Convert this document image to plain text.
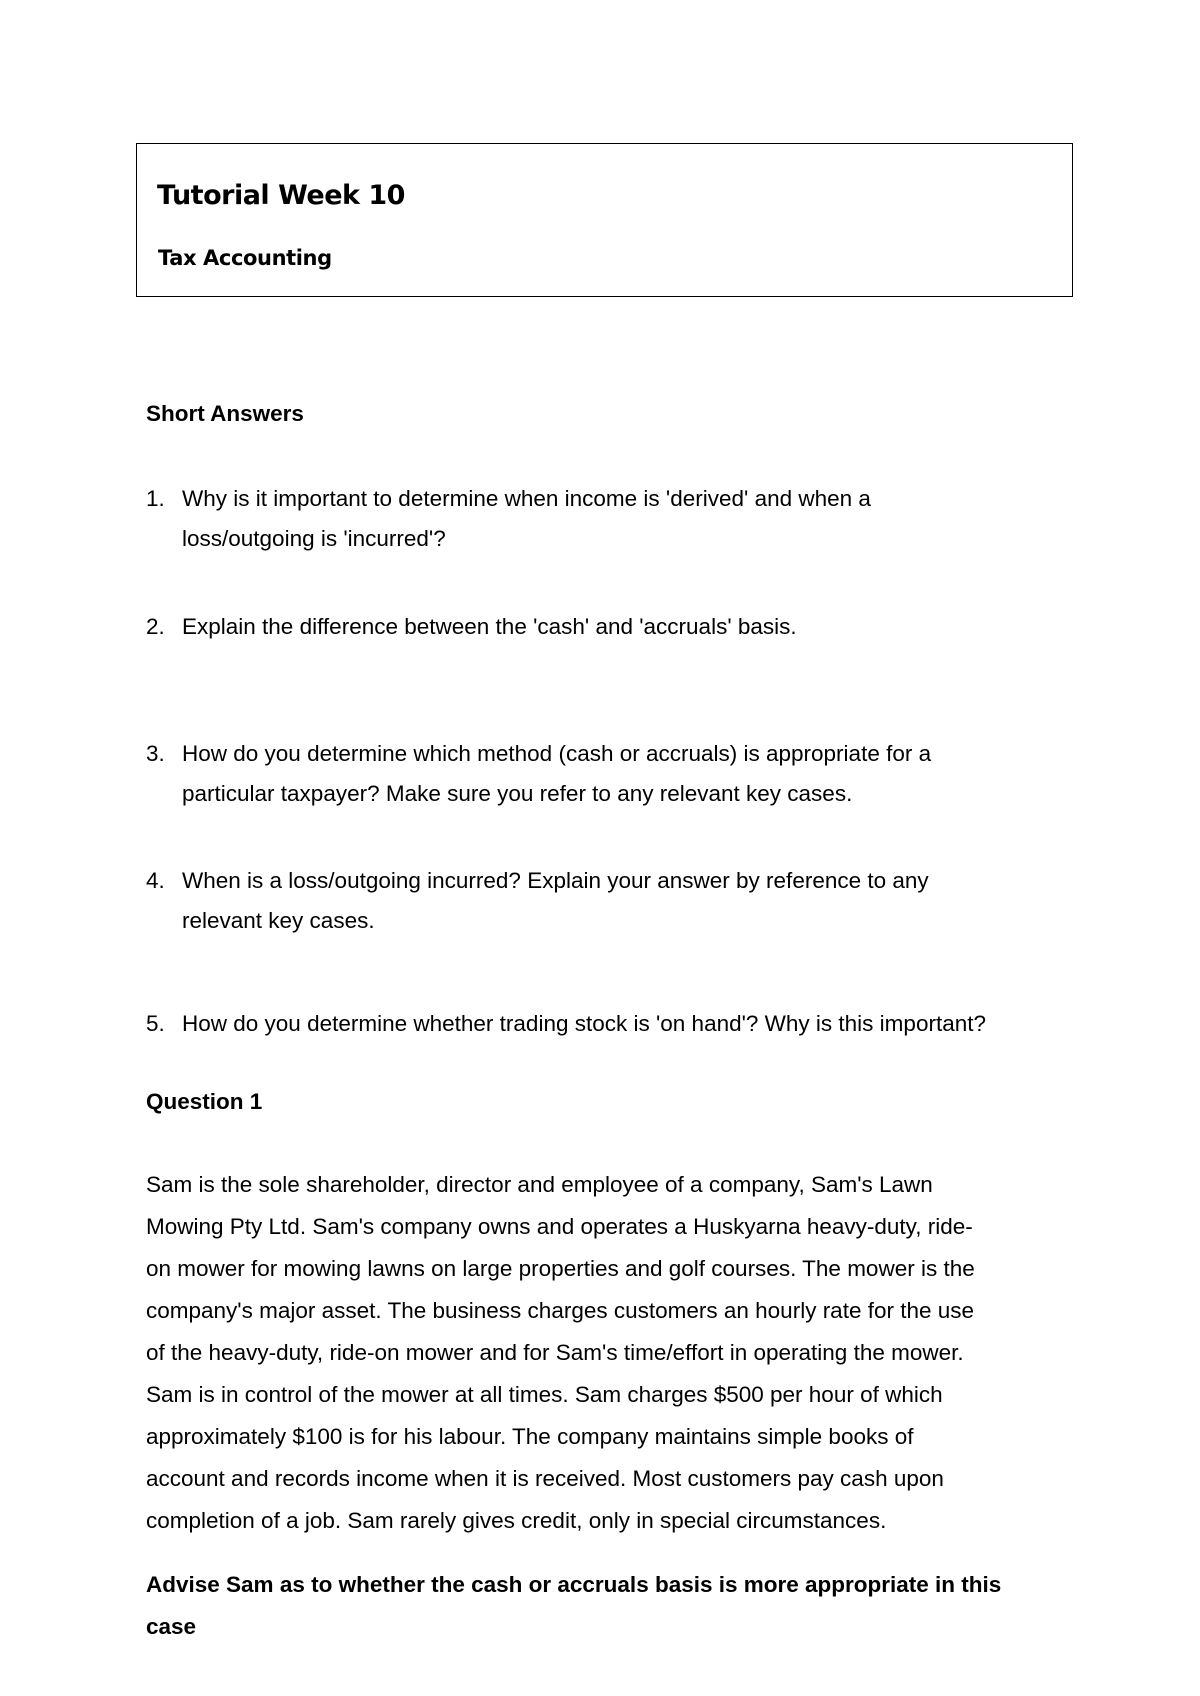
Tutorial Week 10
Tax Accounting
Short Answers
1. Why is it important to determine when income is 'derived' and when a
loss/outgoing is 'incurred'?
2. Explain the difference between the 'cash' and 'accruals' basis.
3. How do you determine which method (cash or accruals) is appropriate for a
particular taxpayer? Make sure you refer to any relevant key cases.
4. When is a loss/outgoing incurred? Explain your answer by reference to any
relevant key cases.
5. How do you determine whether trading stock is 'on hand'? Why is this important?
Question 1
Sam is the sole shareholder, director and employee of a company, Sam's Lawn
Mowing Pty Ltd. Sam's company owns and operates a Huskyarna heavy-duty, ride-
on mower for mowing lawns on large properties and golf courses. The mower is the
company's major asset. The business charges customers an hourly rate for the use
of the heavy-duty, ride-on mower and for Sam's time/effort in operating the mower.
Sam is in control of the mower at all times. Sam charges $500 per hour of which
approximately $100 is for his labour. The company maintains simple books of
account and records income when it is received. Most customers pay cash upon
completion of a job. Sam rarely gives credit, only in special circumstances.
Advise Sam as to whether the cash or accruals basis is more appropriate in this
case
